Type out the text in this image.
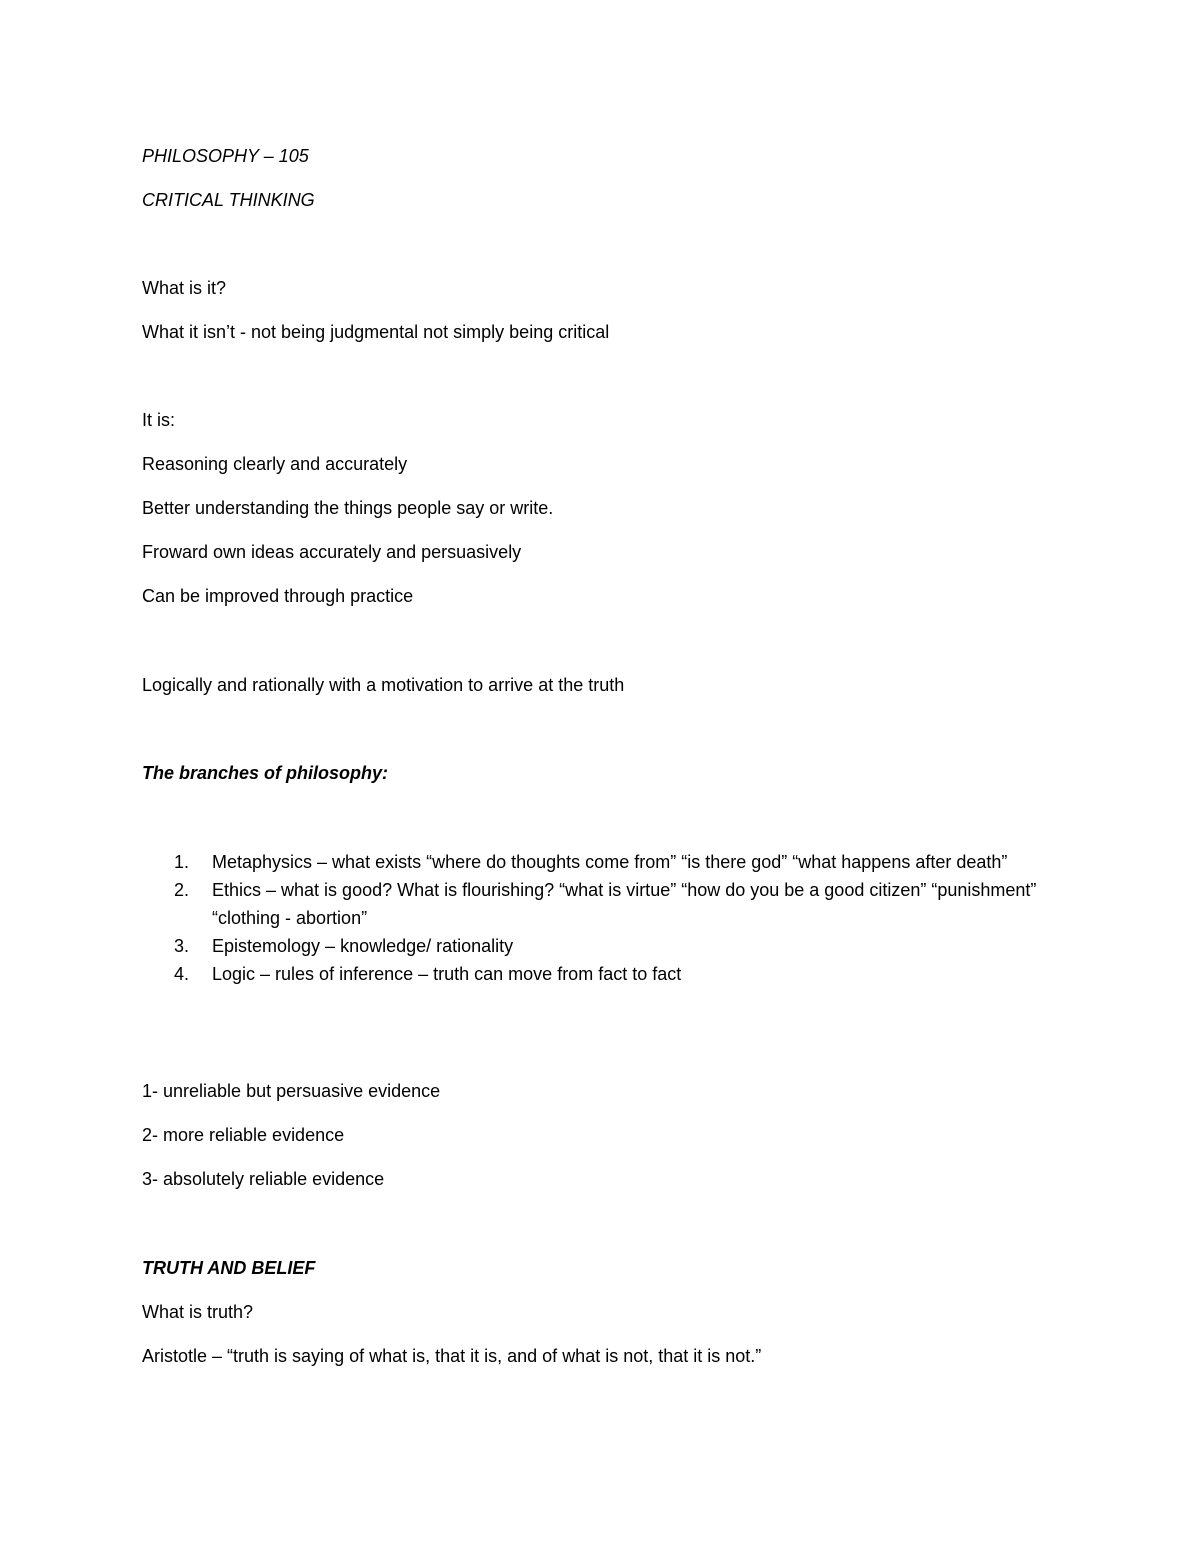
PHILOSOPHY – 105
CRITICAL THINKING
What is it?
What it isn’t - not being judgmental not simply being critical
It is:
Reasoning clearly and accurately
Better understanding the things people say or write.
Froward own ideas accurately and persuasively
Can be improved through practice
Logically and rationally with a motivation to arrive at the truth
The branches of philosophy:
1. Metaphysics – what exists “where do thoughts come from” “is there god” “what happens after death”
2. Ethics – what is good? What is flourishing? “what is virtue” “how do you be a good citizen” “punishment” “clothing - abortion”
3. Epistemology – knowledge/ rationality
4. Logic – rules of inference – truth can move from fact to fact
1- unreliable but persuasive evidence
2- more reliable evidence
3- absolutely reliable evidence
TRUTH AND BELIEF
What is truth?
Aristotle – “truth is saying of what is, that it is, and of what is not, that it is not.”
